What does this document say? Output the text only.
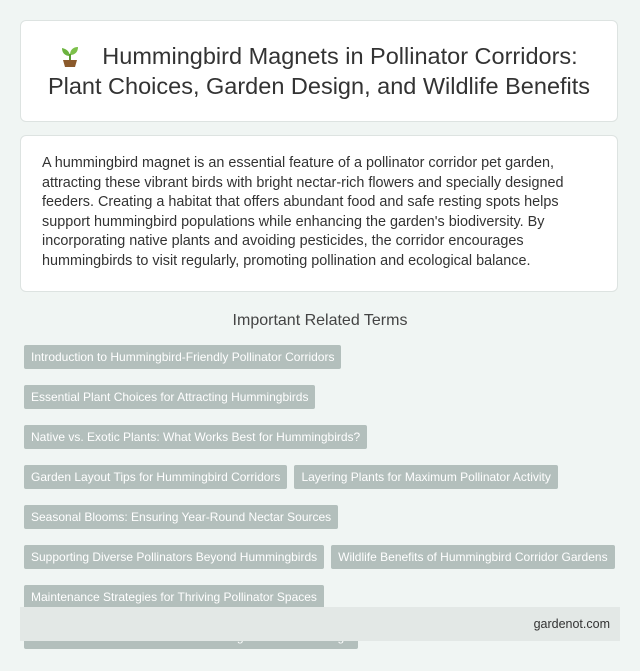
Hummingbird Magnets in Pollinator Corridors: Plant Choices, Garden Design, and Wildlife Benefits

A hummingbird magnet is an essential feature of a pollinator corridor pet garden, attracting these vibrant birds with bright nectar-rich flowers and specially designed feeders. Creating a habitat that offers abundant food and safe resting spots helps support hummingbird populations while enhancing the garden's biodiversity. By incorporating native plants and avoiding pesticides, the corridor encourages hummingbirds to visit regularly, promoting pollination and ecological balance.

Important Related Terms
Introduction to Hummingbird-Friendly Pollinator Corridors
Essential Plant Choices for Attracting Hummingbirds
Native vs. Exotic Plants: What Works Best for Hummingbirds?
Garden Layout Tips for Hummingbird Corridors	Layering Plants for Maximum Pollinator Activity
Seasonal Blooms: Ensuring Year-Round Nectar Sources
Supporting Diverse Pollinators Beyond Hummingbirds	Wildlife Benefits of Hummingbird Corridor Gardens
Maintenance Strategies for Thriving Pollinator Spaces
gardenot.com
